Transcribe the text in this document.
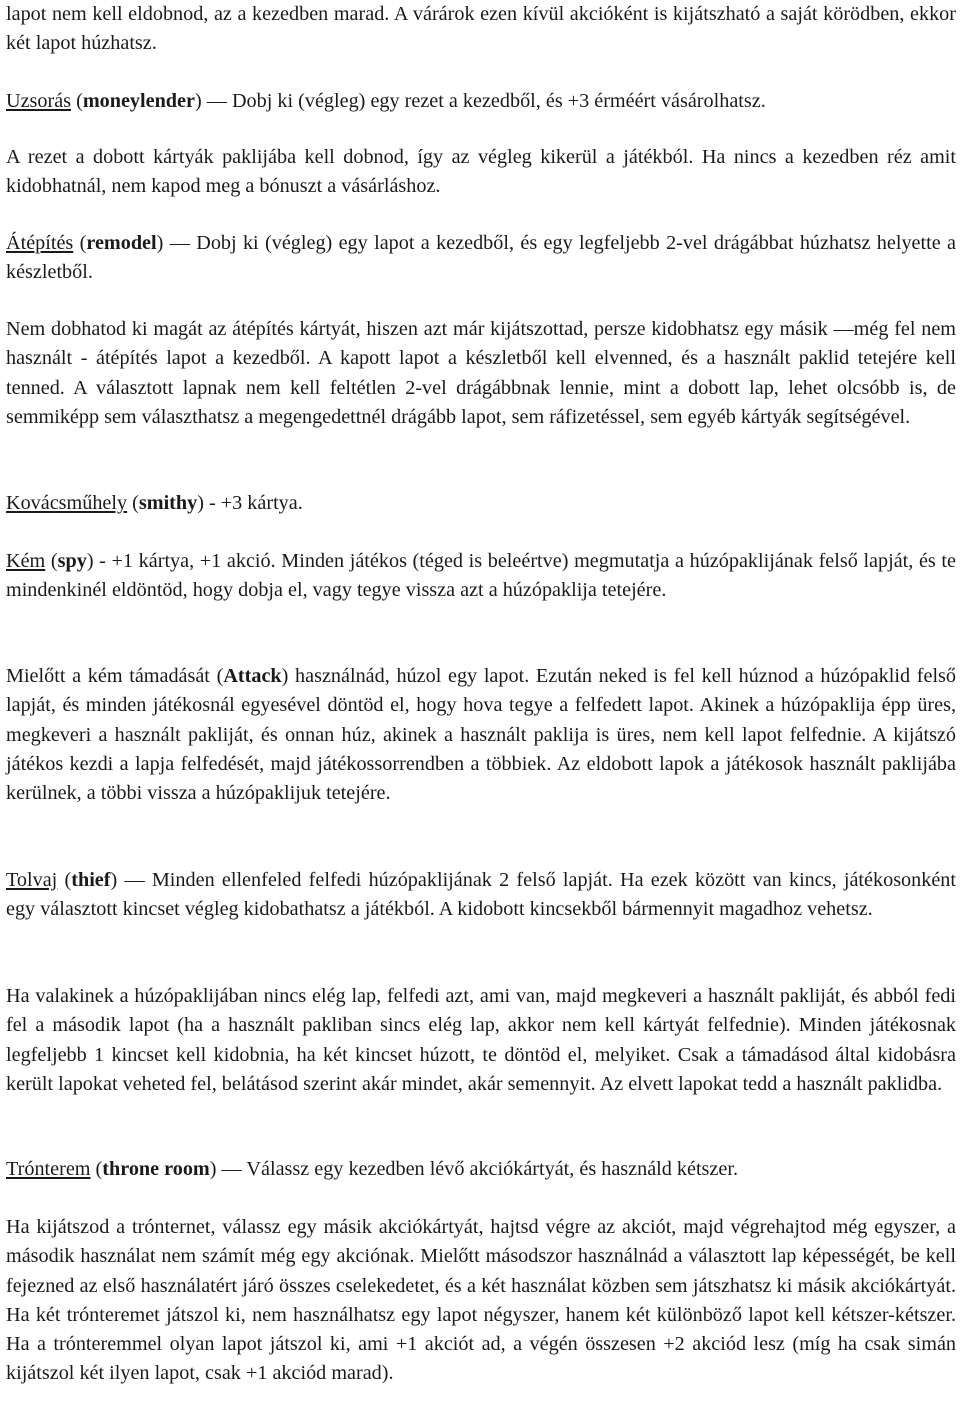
lapot nem kell eldobnod, az a kezedben marad. A várárok ezen kívül akcióként is kijátszható a saját körödben, ekkor két lapot húzhatsz.

Uzsorás (moneylender) — Dobj ki (végleg) egy rezet a kezedből, és +3 érméért vásárolhatsz.

A rezet a dobott kártyák paklijába kell dobnod, így az végleg kikerül a játékból. Ha nincs a kezedben réz amit kidobhatnál, nem kapod meg a bónuszt a vásárláshoz.

Átépítés (remodel) — Dobj ki (végleg) egy lapot a kezedből, és egy legfeljebb 2-vel drágábbat húzhatsz helyette a készletből.

Nem dobhatod ki magát az átépítés kártyát, hiszen azt már kijátszottad, persze kidobhatsz egy másik —még fel nem használt - átépítés lapot a kezedből. A kapott lapot a készletből kell elvenned, és a használt paklid tetejére kell tenned. A választott lapnak nem kell feltétlen 2-vel drágábbnak lennie, mint a dobott lap, lehet olcsóbb is, de semmiképp sem választhatsz a megengedettnél drágább lapot, sem ráfizetéssel, sem egyéb kártyák segítségével.

Kovácsműhely (smithy) - +3 kártya.

Kém (spy) - +1 kártya, +1 akció. Minden játékos (téged is beleértve) megmutatja a húzópaklijának felső lapját, és te mindenkinél eldöntöd, hogy dobja el, vagy tegye vissza azt a húzópaklija tetejére.

Mielőtt a kém támadását (Attack) használnád, húzol egy lapot. Ezután neked is fel kell húznod a húzópaklid felső lapját, és minden játékosnál egyesével döntöd el, hogy hova tegye a felfedett lapot. Akinek a húzópaklija épp üres, megkeveri a használt pakliját, és onnan húz, akinek a használt paklija is üres, nem kell lapot felfednie. A kijátszó játékos kezdi a lapja felfedését, majd játékossorrendben a többiek. Az eldobott lapok a játékosok használt paklijába kerülnek, a többi vissza a húzópaklijuk tetejére.

Tolvaj (thief) — Minden ellenfeled felfedi húzópaklijának 2 felső lapját. Ha ezek között van kincs, játékosonként egy választott kincset végleg kidobathatsz a játékból. A kidobott kincsekből bármennyit magadhoz vehetsz.

Ha valakinek a húzópaklijában nincs elég lap, felfedi azt, ami van, majd megkeveri a használt pakliját, és abból fedi fel a második lapot (ha a használt pakliban sincs elég lap, akkor nem kell kártyát felfednie). Minden játékosnak legfeljebb 1 kincset kell kidobnia, ha két kincset húzott, te döntöd el, melyiket. Csak a támadásod által kidobásra került lapokat veheted fel, belátásod szerint akár mindet, akár semennyit. Az elvett lapokat tedd a használt paklidba.

Trónterem (throne room) — Válassz egy kezedben lévő akciókártyát, és használd kétszer.

Ha kijátszod a trónternet, válassz egy másik akciókártyát, hajtsd végre az akciót, majd végrehajtod még egyszer, a második használat nem számít még egy akciónak. Mielőtt másodszor használnád a választott lap képességét, be kell fejezned az első használatért járó összes cselekedetet, és a két használat közben sem játszhatsz ki másik akciókártyát. Ha két trónteremet játszol ki, nem használhatsz egy lapot négyszer, hanem két különböző lapot kell kétszer-kétszer. Ha a trónteremmel olyan lapot játszol ki, ami +1 akciót ad, a végén összesen +2 akciód lesz (míg ha csak simán kijátszol két ilyen lapot, csak +1 akciód marad).
